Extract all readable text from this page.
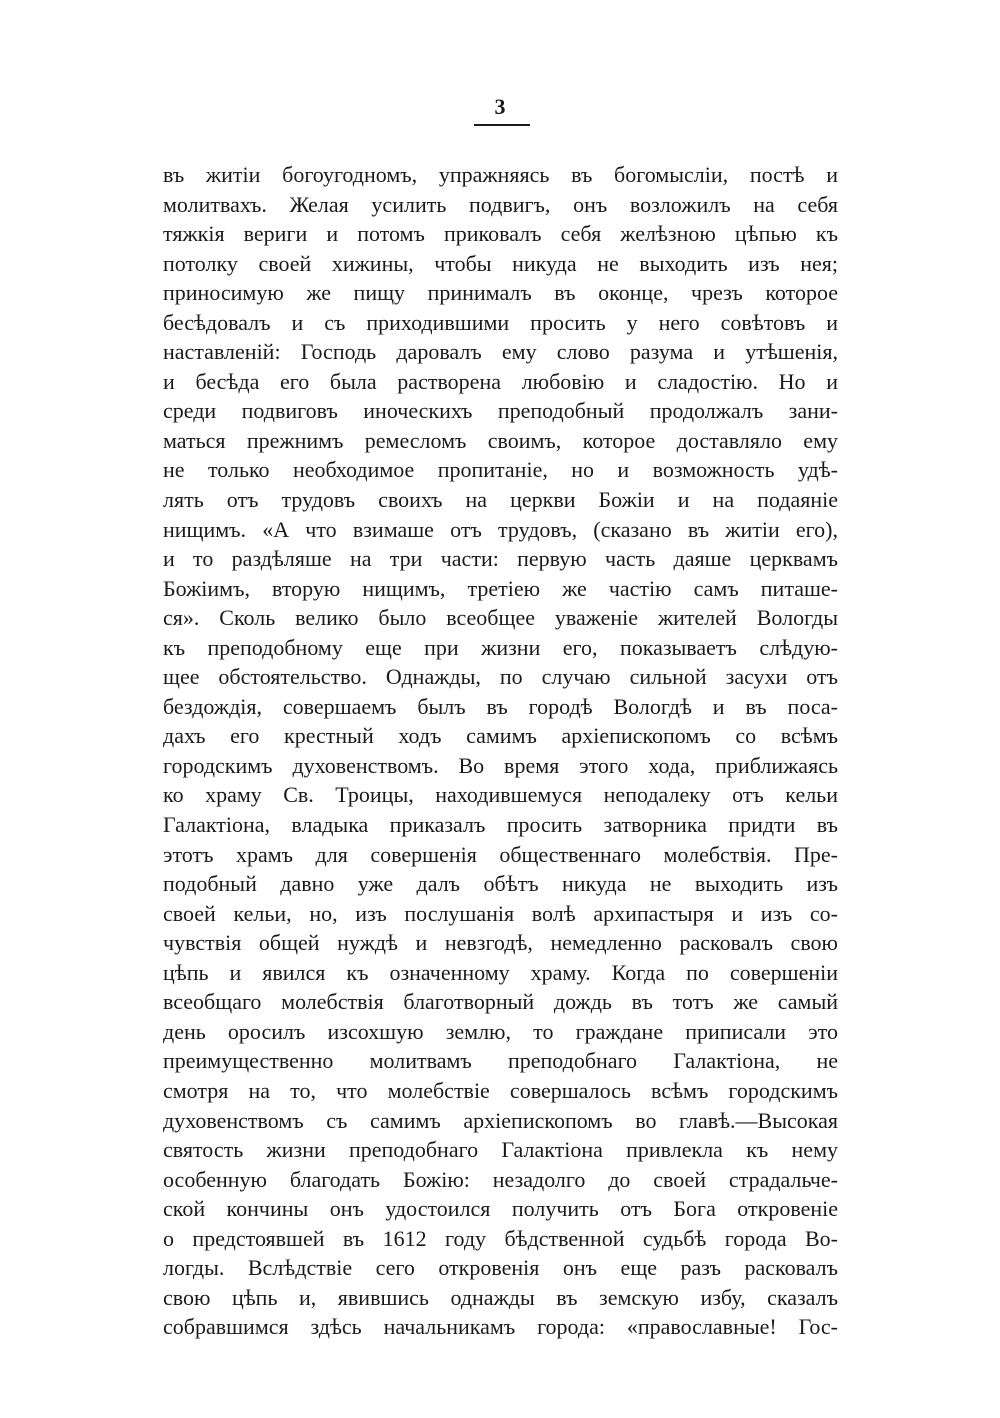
3
въ житіи богоугодномъ, упражняясь въ богомысліи, постѣ и
молитвахъ. Желая усилить подвигъ, онъ возложилъ на себя
тяжкія вериги и потомъ приковалъ себя желѣзною цѣпью къ
потолку своей хижины, чтобы никуда не выходить изъ нея;
приносимую же пищу принималъ въ оконце, чрезъ которое
бесѣдовалъ и съ приходившими просить у него совѣтовъ и
наставленій: Господь даровалъ ему слово разума и утѣшенія,
и бесѣда его была растворена любовію и сладостію. Но и
среди подвиговъ иноческихъ преподобный продолжалъ зани-
маться прежнимъ ремесломъ своимъ, которое доставляло ему
не только необходимое пропитаніе, но и возможность удѣ-
лять отъ трудовъ своихъ на церкви Божіи и на подаяніе
нищимъ. «А что взимаше отъ трудовъ, (сказано въ житіи его),
и то раздѣляше на три части: первую часть даяше церквамъ
Божіимъ, вторую нищимъ, третіею же частію самъ питаше-
ся». Сколь велико было всеобщее уваженіе жителей Вологды
къ преподобному еще при жизни его, показываетъ слѣдую-
щее обстоятельство. Однажды, по случаю сильной засухи отъ
бездождія, совершаемъ былъ въ городѣ Вологдѣ и въ поса-
дахъ его крестный ходъ самимъ архіепископомъ со всѣмъ
городскимъ духовенствомъ. Во время этого хода, приближаясь
ко храму Св. Троицы, находившемуся неподалеку отъ кельи
Галактіона, владыка приказалъ просить затворника придти въ
этотъ храмъ для совершенія общественнаго молебствія. Пре-
подобный давно уже далъ обѣтъ никуда не выходить изъ
своей кельи, но, изъ послушанія волѣ архипастыря и изъ со-
чувствія общей нуждѣ и невзгодѣ, немедленно расковалъ свою
цѣпь и явился къ означенному храму. Когда по совершеніи
всеобщаго молебствія благотворный дождь въ тотъ же самый
день оросилъ изсохшую землю, то граждане приписали это
преимущественно молитвамъ преподобнаго Галактіона, не
смотря на то, что молебствіе совершалось всѣмъ городскимъ
духовенствомъ съ самимъ архіепископомъ во главѣ.—Высокая
святость жизни преподобнаго Галактіона привлекла къ нему
особенную благодать Божію: незадолго до своей страдальче-
ской кончины онъ удостоился получить отъ Бога откровеніе
о предстоявшей въ 1612 году бѣдственной судьбѣ города Во-
логды. Вслѣдствіе сего откровенія онъ еще разъ расковалъ
свою цѣпь и, явившись однажды въ земскую избу, сказалъ
собравшимся здѣсь начальникамъ города: «православные! Гос-
